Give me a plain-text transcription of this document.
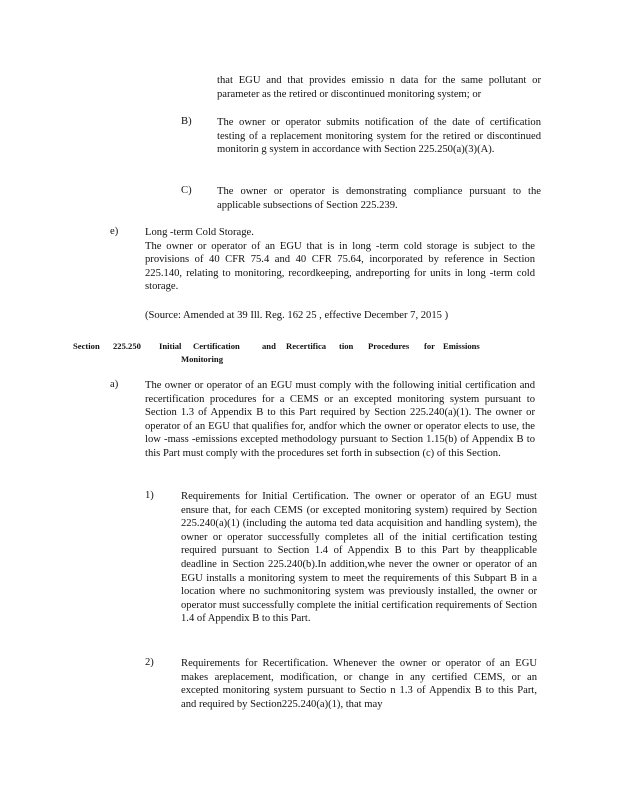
that EGU and that provides emissio n data for the same pollutant or parameter as the retired or discontinued monitoring system; or

B) The owner or operator submits notification of the date of certification testing of a replacement monitoring system for the retired or discontinued monitorin g system in accordance with Section 225.250(a)(3)(A).

C) The owner or operator is demonstrating compliance pursuant to the applicable subsections of Section 225.239.

e)	Long -term Cold Storage.

The owner or operator of an EGU that is in long -term cold storage is subject to the provisions of 40 CFR 75.4 and 40 CFR 75.64, incorporated by reference in Section 225.140, relating to monitoring, recordkeeping, andreporting for units in long -term cold storage.

(Source: Amended at 39 Ill. Reg. 162 25 , effective December 7, 2015 )

Section 225.250 Initial Certification	and Recertifica tion Procedures for Emissions
Monitoring
a)	The owner or operator of an EGU must comply with the following initial certification and recertification procedures for a CEMS or an excepted monitoring system pursuant to Section 1.3 of Appendix B to this Part required by Section 225.240(a)(1). The owner or operator of an EGU that qualifies for, andfor which the owner or operator elects to use, the low -mass -emissions excepted methodology pursuant to Section 1.15(b) of Appendix B to this Part must comply with the procedures set forth in subsection (c) of this Section.

1)	Requirements for Initial Certification. The owner or operator of an EGU must ensure that, for each CEMS (or excepted monitoring system) required by Section 225.240(a)(1) (including the automa ted data acquisition and handling system), the owner or operator successfully completes all of the initial certification testing required pursuant to Section 1.4 of Appendix B to this Part by theapplicable deadline in Section 225.240(b).In addition,whe never the owner or operator of an EGU installs a monitoring system to meet the requirements of this Subpart B in a location where no suchmonitoring system was previously installed, the owner or operator must successfully complete the initial certification requirements of Section 1.4 of Appendix B to this Part.

2)	Requirements for Recertification. Whenever the owner or operator of an EGU makes areplacement, modification, or change in any certified CEMS, or an excepted monitoring system pursuant to Sectio n 1.3 of Appendix B to this Part, and required by Section225.240(a)(1), that may
